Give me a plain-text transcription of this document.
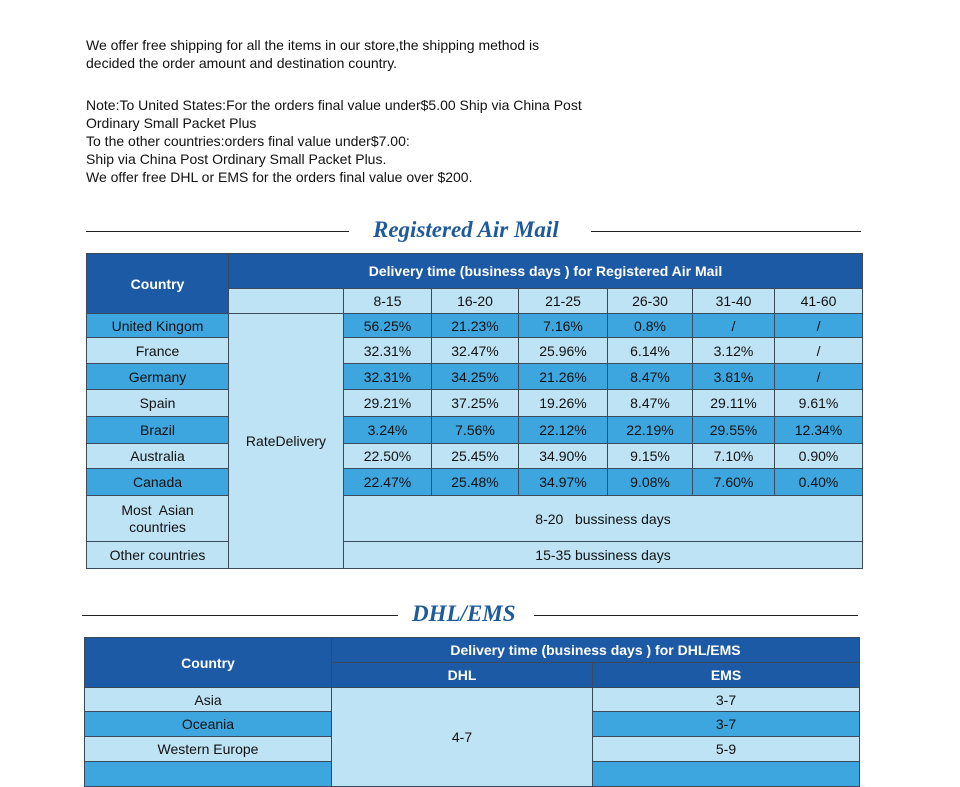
We offer free shipping for all the items in our store,the shipping method is

decided the order amount and destination country.

Note:To United States:For the orders final value under$5.00 Ship via China Post

Ordinary Small Packet Plus

To the other countries:orders final value under$7.00:

Ship via China Post Ordinary Small Packet Plus.

We offer free DHL or EMS for the orders final value over $200.

Registered Air Mail
Country	Delivery time (business days ) for Registered Air Mail						
		8-15	16-20	21-25	26-30	31-40	41-60
United Kingom	RateDelivery	56.25%	21.23%	7.16%	0.8%	/	/
France		32.31%	32.47%	25.96%	6.14%	3.12%	/
Germany		32.31%	34.25%	21.26%	8.47%	3.81%	/
Spain		29.21%	37.25%	19.26%	8.47%	29.11%	9.61%
Brazil		3.24%	7.56%	22.12%	22.19%	29.55%	12.34%
Australia		22.50%	25.45%	34.90%	9.15%	7.10%	0.90%
Canada		22.47%	25.48%	34.97%	9.08%	7.60%	0.40%
Most  Asian
countries		8-20   bussiness days					
Other countries		15-35 bussiness days					
DHL/EMS
Country	Delivery time (business days ) for DHL/EMS	
	DHL	EMS
Asia	4-7	3-7
Oceania		3-7
Western Europe		5-9
